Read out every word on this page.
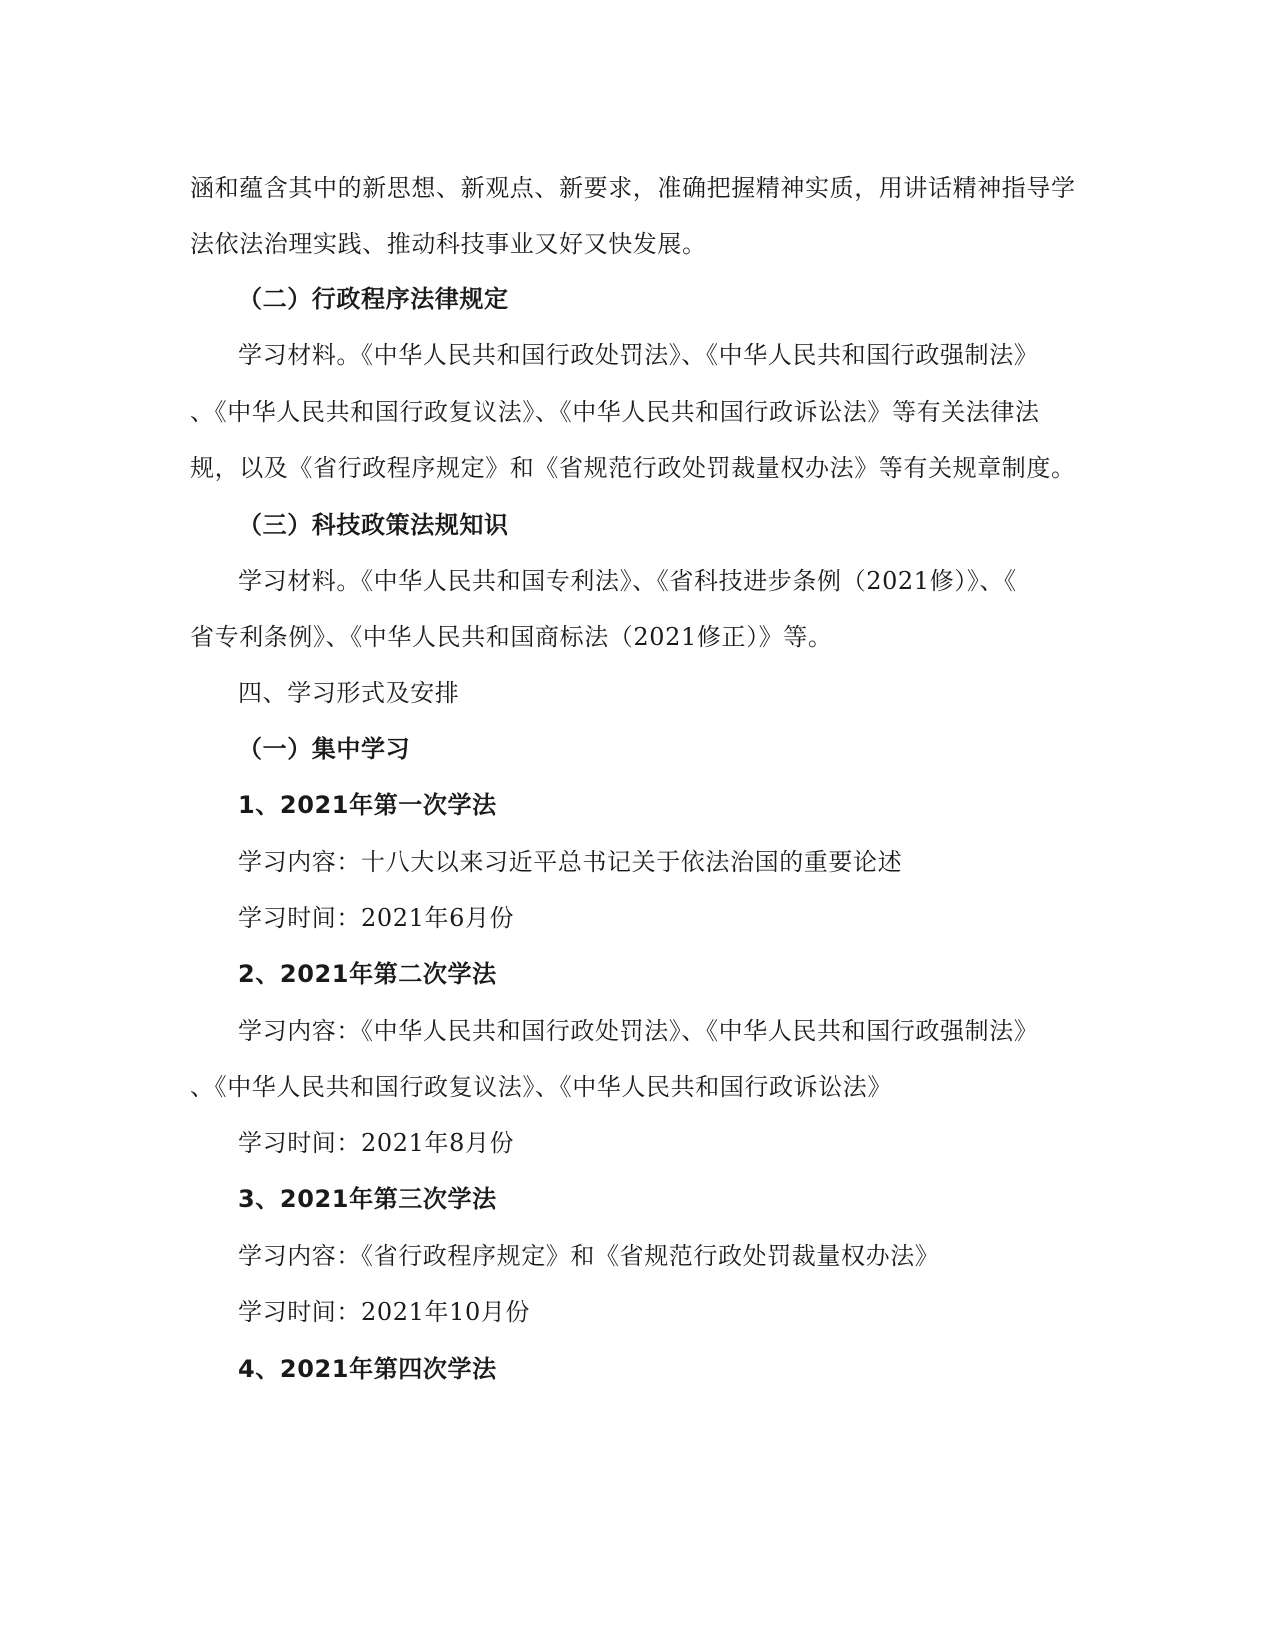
涵和蕴含其中的新思想、新观点、新要求，准确把握精神实质，用讲话精神指导学
法依法治理实践、推动科技事业又好又快发展。
（二）行政程序法律规定
学习材料。《中华人民共和国行政处罚法》、《中华人民共和国行政强制法》
、《中华人民共和国行政复议法》、《中华人民共和国行政诉讼法》等有关法律法
规，以及《省行政程序规定》和《省规范行政处罚裁量权办法》等有关规章制度。
（三）科技政策法规知识
学习材料。《中华人民共和国专利法》、《省科技进步条例（2021修）》、《
省专利条例》、《中华人民共和国商标法（2021修正）》等。
四、学习形式及安排
（一）集中学习
1、2021年第一次学法
学习内容：十八大以来习近平总书记关于依法治国的重要论述
学习时间：2021年6月份
2、2021年第二次学法
学习内容：《中华人民共和国行政处罚法》、《中华人民共和国行政强制法》
、《中华人民共和国行政复议法》、《中华人民共和国行政诉讼法》
学习时间：2021年8月份
3、2021年第三次学法
学习内容：《省行政程序规定》和《省规范行政处罚裁量权办法》
学习时间：2021年10月份
4、2021年第四次学法
